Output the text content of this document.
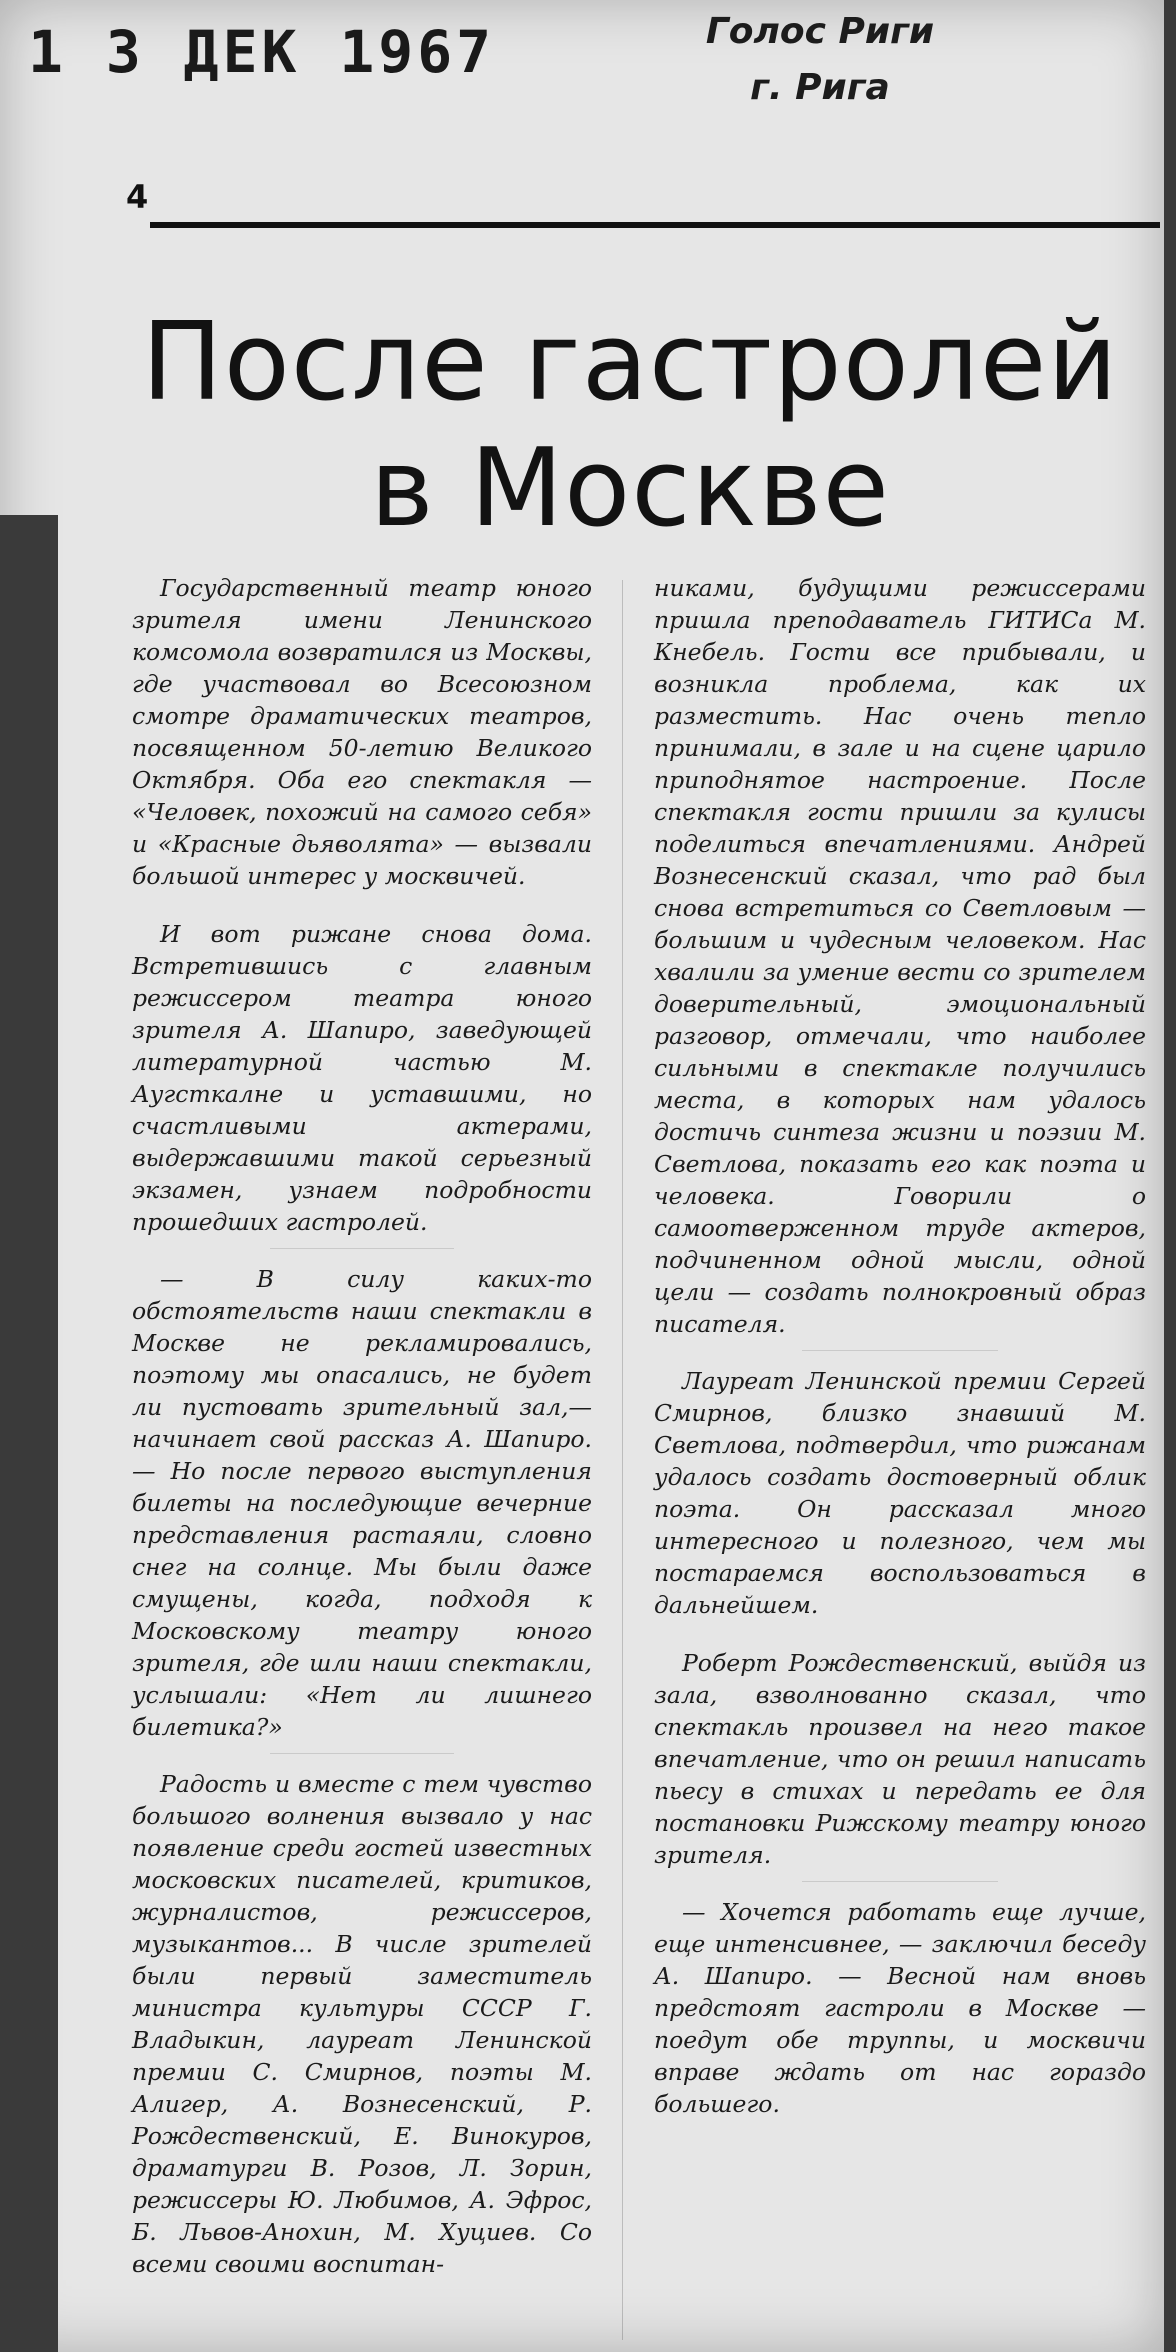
1 3 ДЕК 1967	Голос Риги
г. Рига
4
После гастролей
в Москве

Государственный театр юного зрителя имени Ленинского комсомола возвратился из Москвы, где участвовал во Всесоюзном смотре драматических театров, посвященном 50-летию Великого Октября. Оба его спектакля — «Человек, похожий на самого себя» и «Красные дьяволята» — вызвали большой интерес у москвичей.

И вот рижане снова дома. Встретившись с главным режиссером театра юного зрителя А. Шапиро, заведующей литературной частью М. Аугсткалне и уставшими, но счастливыми актерами, выдержавшими такой серьезный экзамен, узнаем подробности прошедших гастролей.

— В силу каких-то обстоятельств наши спектакли в Москве не рекламировались, поэтому мы опасались, не будет ли пустовать зрительный зал,— начинает свой рассказ А. Шапиро. — Но после первого выступления билеты на последующие вечерние представления растаяли, словно снег на солнце. Мы были даже смущены, когда, подходя к Московскому театру юного зрителя, где шли наши спектакли, услышали: «Нет ли лишнего билетика?»

Радость и вместе с тем чувство большого волнения вызвало у нас появление среди гостей известных московских писателей, критиков, журналистов, режиссеров, музыкантов... В числе зрителей были первый заместитель министра культуры СССР Г. Владыкин, лауреат Ленинской премии С. Смирнов, поэты М. Алигер, А. Вознесенский, Р. Рождественский, Е. Винокуров, драматурги В. Розов, Л. Зорин, режиссеры Ю. Любимов, А. Эфрос, Б. Львов-Анохин, М. Хуциев. Со всеми своими воспитан-

никами, будущими режиссерами пришла преподаватель ГИТИСа М. Кнебель. Гости все прибывали, и возникла проблема, как их разместить. Нас очень тепло принимали, в зале и на сцене царило приподнятое настроение. После спектакля гости пришли за кулисы поделиться впечатлениями. Андрей Вознесенский сказал, что рад был снова встретиться со Светловым — большим и чудесным человеком. Нас хвалили за умение вести со зрителем доверительный, эмоциональный разговор, отмечали, что наиболее сильными в спектакле получились места, в которых нам удалось достичь синтеза жизни и поэзии М. Светлова, показать его как поэта и человека. Говорили о самоотверженном труде актеров, подчиненном одной мысли, одной цели — создать полнокровный образ писателя.

Лауреат Ленинской премии Сергей Смирнов, близко знавший М. Светлова, подтвердил, что рижанам удалось создать достоверный облик поэта. Он рассказал много интересного и полезного, чем мы постараемся воспользоваться в дальнейшем.

Роберт Рождественский, выйдя из зала, взволнованно сказал, что спектакль произвел на него такое впечатление, что он решил написать пьесу в стихах и передать ее для постановки Рижскому театру юного зрителя.

— Хочется работать еще лучше, еще интенсивнее, — заключил беседу А. Шапиро. — Весной нам вновь предстоят гастроли в Москве — поедут обе труппы, и москвичи вправе ждать от нас гораздо большего.
